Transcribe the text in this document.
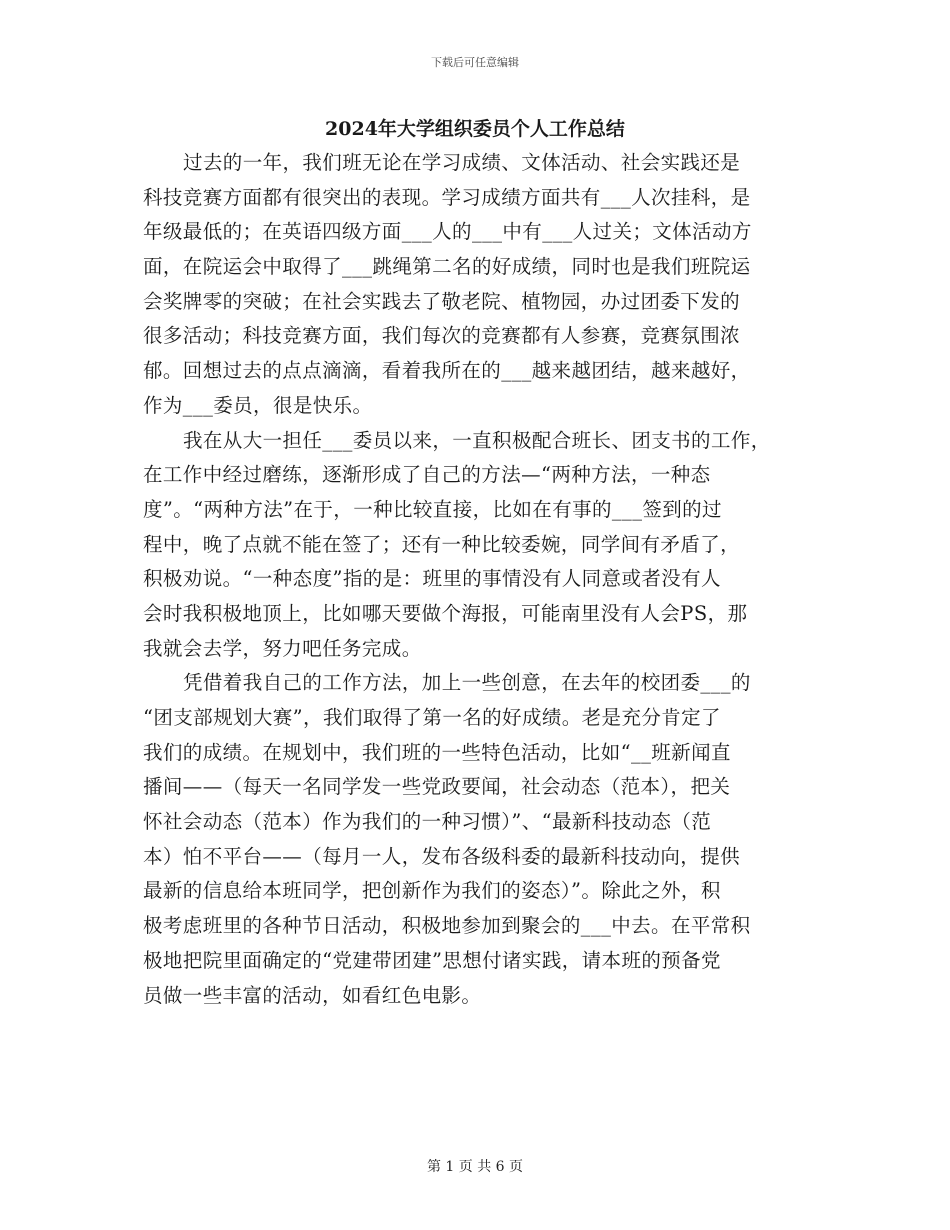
下载后可任意编辑
2024年大学组织委员个人工作总结
过去的一年，我们班无论在学习成绩、文体活动、社会实践还是
科技竞赛方面都有很突出的表现。学习成绩方面共有___人次挂科，是
年级最低的；在英语四级方面___人的___中有___人过关；文体活动方
面，在院运会中取得了___跳绳第二名的好成绩，同时也是我们班院运
会奖牌零的突破；在社会实践去了敬老院、植物园，办过团委下发的
很多活动；科技竞赛方面，我们每次的竞赛都有人参赛，竞赛氛围浓
郁。回想过去的点点滴滴，看着我所在的___越来越团结，越来越好，
作为___委员，很是快乐。
我在从大一担任___委员以来，一直积极配合班长、团支书的工作，
在工作中经过磨练，逐渐形成了自己的方法—“两种方法，一种态
度”。“两种方法”在于，一种比较直接，比如在有事的___签到的过
程中，晚了点就不能在签了；还有一种比较委婉，同学间有矛盾了，
积极劝说。“一种态度”指的是：班里的事情没有人同意或者没有人
会时我积极地顶上，比如哪天要做个海报，可能南里没有人会PS，那
我就会去学，努力吧任务完成。
凭借着我自己的工作方法，加上一些创意，在去年的校团委___的
“团支部规划大赛”，我们取得了第一名的好成绩。老是充分肯定了
我们的成绩。在规划中，我们班的一些特色活动，比如“__班新闻直
播间——（每天一名同学发一些党政要闻，社会动态（范本），把关
怀社会动态（范本）作为我们的一种习惯）”、“最新科技动态（范
本）怕不平台——（每月一人，发布各级科委的最新科技动向，提供
最新的信息给本班同学，把创新作为我们的姿态）”。除此之外，积
极考虑班里的各种节日活动，积极地参加到聚会的___中去。在平常积
极地把院里面确定的“党建带团建”思想付诸实践，请本班的预备党
员做一些丰富的活动，如看红色电影。
第 1 页 共 6 页
